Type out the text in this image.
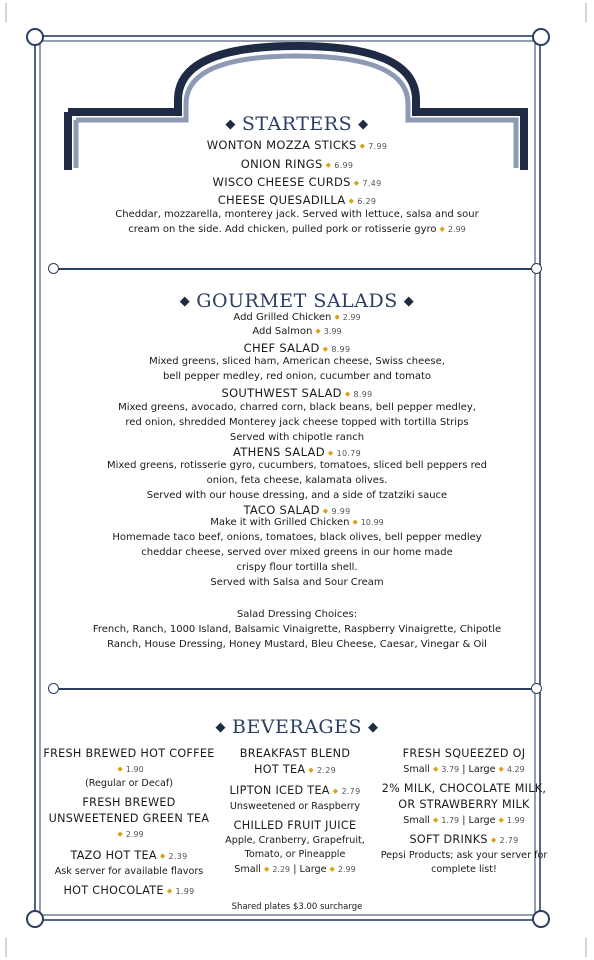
◆ STARTERS ◆
WONTON MOZZA STICKS ◆ 7.99
ONION RINGS ◆ 6.99
WISCO CHEESE CURDS ◆ 7.49
CHEESE QUESADILLA ◆ 6.29
Cheddar, mozzarella, monterey jack. Served with lettuce, salsa and sour
cream on the side. Add chicken, pulled pork or rotisserie gyro ◆ 2.99
◆ GOURMET SALADS ◆
Add Grilled Chicken ◆ 2.99
Add Salmon ◆ 3.99
CHEF SALAD ◆ 8.99
Mixed greens, sliced ham, American cheese, Swiss cheese,
bell pepper medley, red onion, cucumber and tomato
SOUTHWEST SALAD ◆ 8.99
Mixed greens, avocado, charred corn, black beans, bell pepper medley,
red onion, shredded Monterey jack cheese topped with tortilla Strips
Served with chipotle ranch
ATHENS SALAD ◆ 10.79
Mixed greens, rotisserie gyro, cucumbers, tomatoes, sliced bell peppers red
onion, feta cheese, kalamata olives.
Served with our house dressing, and a side of tzatziki sauce
TACO SALAD ◆ 9.99
Make it with Grilled Chicken ◆ 10.99
Homemade taco beef, onions, tomatoes, black olives, bell pepper medley
cheddar cheese, served over mixed greens in our home made
crispy flour tortilla shell.
Served with Salsa and Sour Cream
Salad Dressing Choices:
French, Ranch, 1000 Island, Balsamic Vinaigrette, Raspberry Vinaigrette, Chipotle
Ranch, House Dressing, Honey Mustard, Bleu Cheese, Caesar, Vinegar & Oil
◆ BEVERAGES ◆
FRESH BREWED HOT COFFEE
◆ 1.90
(Regular or Decaf)
FRESH BREWED
UNSWEETENED GREEN TEA
◆ 2.99
TAZO HOT TEA ◆ 2.39
Ask server for available flavors
HOT CHOCOLATE ◆ 1.99
BREAKFAST BLEND
HOT TEA ◆ 2.29
LIPTON ICED TEA ◆ 2.79
Unsweetened or Raspberry
CHILLED FRUIT JUICE
Apple, Cranberry, Grapefruit,
Tomato, or Pineapple
Small ◆ 2.29 | Large ◆ 2.99
FRESH SQUEEZED OJ
Small ◆ 3.79 | Large ◆ 4.29
2% MILK, CHOCOLATE MILK,
OR STRAWBERRY MILK
Small ◆ 1.79 | Large ◆ 1.99
SOFT DRINKS ◆ 2.79
Pepsi Products; ask your server for
complete list!
Shared plates $3.00 surcharge
